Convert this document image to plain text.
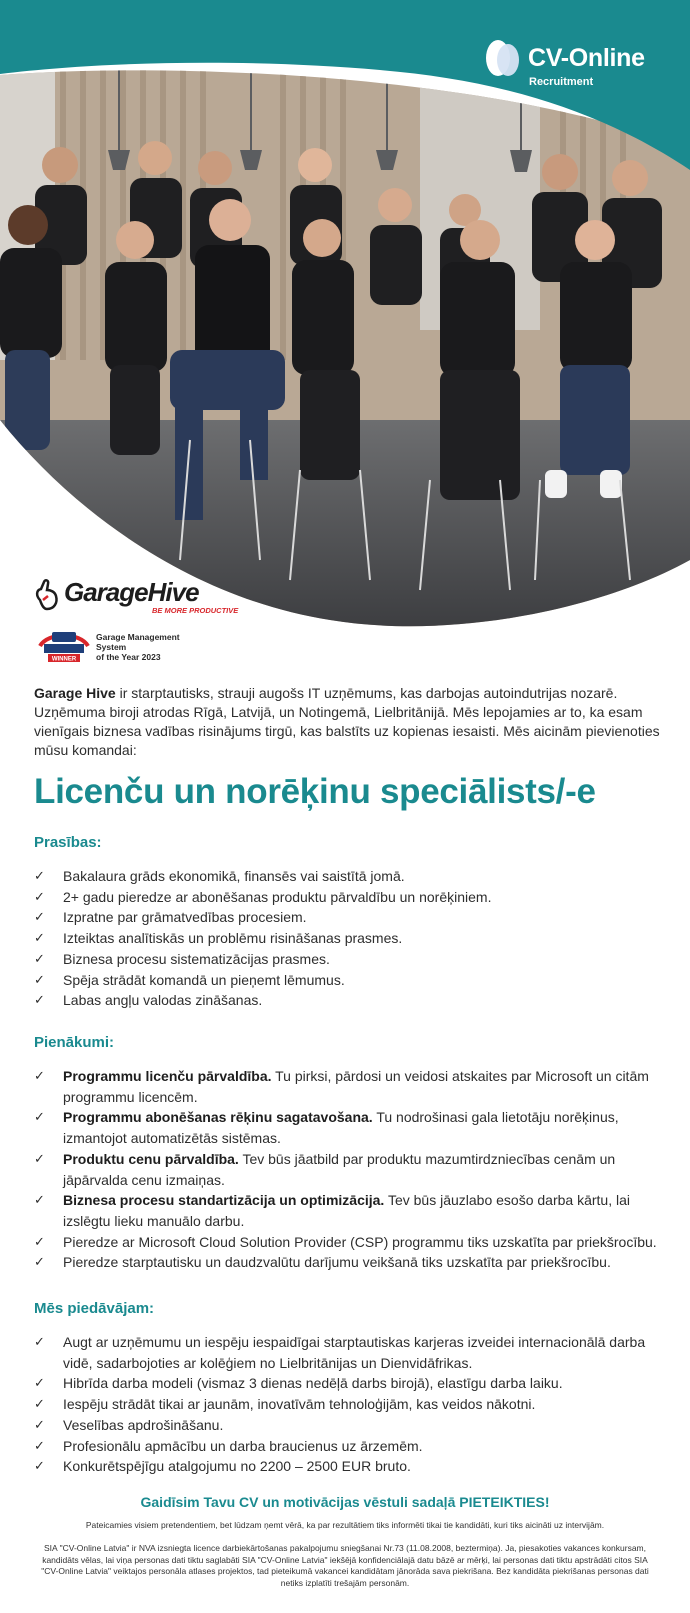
CV-Online
Recruitment
GarageHive
BE MORE PRODUCTIVE
WINNER
Garage Management
System
of the Year 2023
Garage Hive ir starptautisks, strauji augošs IT uzņēmums, kas darbojas autoindutrijas nozarē. Uzņēmuma biroji atrodas Rīgā, Latvijā, un Notingemā, Lielbritānijā. Mēs lepojamies ar to, ka esam vienīgais biznesa vadības risinājums tirgū, kas balstīts uz kopienas iesaisti. Mēs aicinām pievienoties mūsu komandai:
Licenču un norēķinu speciālists/-e
Prasības:
✓ Bakalaura grāds ekonomikā, finansēs vai saistītā jomā.
✓ 2+ gadu pieredze ar abonēšanas produktu pārvaldību un norēķiniem.
✓ Izpratne par grāmatvedības procesiem.
✓ Izteiktas analītiskās un problēmu risināšanas prasmes.
✓ Biznesa procesu sistematizācijas prasmes.
✓ Spēja strādāt komandā un pieņemt lēmumus.
✓ Labas angļu valodas zināšanas.
Pienākumi:
✓ Programmu licenču pārvaldība. Tu pirksi, pārdosi un veidosi atskaites par Microsoft un citām programmu licencēm.
✓ Programmu abonēšanas rēķinu sagatavošana. Tu nodrošinasi gala lietotāju norēķinus, izmantojot automatizētās sistēmas.
✓ Produktu cenu pārvaldība. Tev būs jāatbild par produktu mazumtirdzniecības cenām un jāpārvalda cenu izmaiņas.
✓ Biznesa procesu standartizācija un optimizācija. Tev būs jāuzlabo esošo darba kārtu, lai izslēgtu lieku manuālo darbu.
✓ Pieredze ar Microsoft Cloud Solution Provider (CSP) programmu tiks uzskatīta par priekšrocību.
✓ Pieredze starptautisku un daudzvalūtu darījumu veikšanā tiks uzskatīta par priekšrocību.
Mēs piedāvājam:
✓ Augt ar uzņēmumu un iespēju iespaidīgai starptautiskas karjeras izveidei internacionālā darba vidē, sadarbojoties ar kolēģiem no Lielbritānijas un Dienvidāfrikas.
✓ Hibrīda darba modeli (vismaz 3 dienas nedēļā darbs birojā), elastīgu darba laiku.
✓ Iespēju strādāt tikai ar jaunām, inovatīvām tehnoloģijām, kas veidos nākotni.
✓ Veselības apdrošināšanu.
✓ Profesionālu apmācību un darba braucienus uz ārzemēm.
✓ Konkurētspējīgu atalgojumu no 2200 – 2500 EUR bruto.
Gaidīsim Tavu CV un motivācijas vēstuli sadaļā PIETEIKTIES!
Pateicamies visiem pretendentiem, bet lūdzam ņemt vērā, ka par rezultātiem tiks informēti tikai tie kandidāti, kuri tiks aicināti uz intervijām.
SIA "CV-Online Latvia" ir NVA izsniegta licence darbiekārtošanas pakalpojumu sniegšanai Nr.73 (11.08.2008, beztermiņa). Ja, piesakoties vakances konkursam, kandidāts vēlas, lai viņa personas dati tiktu saglabāti SIA "CV-Online Latvia" iekšējā konfidenciālajā datu bāzē ar mērķi, lai personas dati tiktu apstrādāti citos SIA "CV-Online Latvia" veiktajos personāla atlases projektos, tad pieteikumā vakancei kandidātam jānorāda sava piekrišana. Bez kandidāta piekrišanas personas dati netiks izplatīti trešajām personām.
